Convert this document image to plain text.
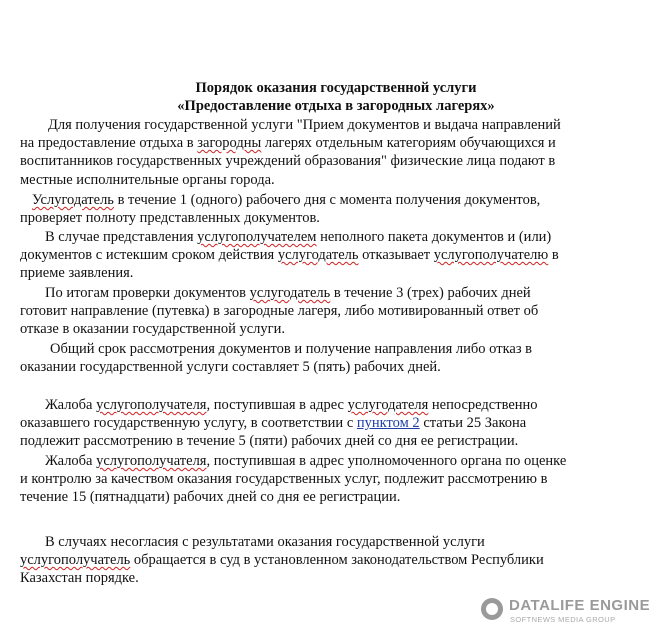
Порядок оказания государственной услуги
«Предоставление отдыха в загородных лагерях»
Для получения государственной услуги "Прием документов и выдача направлений
на предоставление отдыха в загородны лагерях отдельным категориям обучающихся и
воспитанников государственных учреждений образования" физические лица подают в
местные исполнительные органы города.
Услугодатель в течение 1 (одного) рабочего дня с момента получения документов,
проверяет полноту представленных документов.
В случае представления услугополучателем неполного пакета документов и (или)
документов с истекшим сроком действия услугодатель отказывает услугополучателю в
приеме заявления.
По итогам проверки документов услугодатель в течение 3 (трех) рабочих дней
готовит направление (путевка) в загородные лагеря, либо мотивированный ответ об
отказе в оказании государственной услуги.
Общий срок рассмотрения документов и получение направления либо отказ в
оказании государственной услуги составляет 5 (пять) рабочих дней.
Жалоба услугополучателя, поступившая в адрес услугодателя непосредственно
оказавшего государственную услугу, в соответствии с пунктом 2 статьи 25 Закона
подлежит рассмотрению в течение 5 (пяти) рабочих дней со дня ее регистрации.
Жалоба услугополучателя, поступившая в адрес уполномоченного органа по оценке
и контролю за качеством оказания государственных услуг, подлежит рассмотрению в
течение 15 (пятнадцати) рабочих дней со дня ее регистрации.
В случаях несогласия с результатами оказания государственной услуги
услугополучатель обращается в суд в установленном законодательством Республики
Казахстан порядке.
DATALIFE ENGINE
SOFTNEWS MEDIA GROUP
